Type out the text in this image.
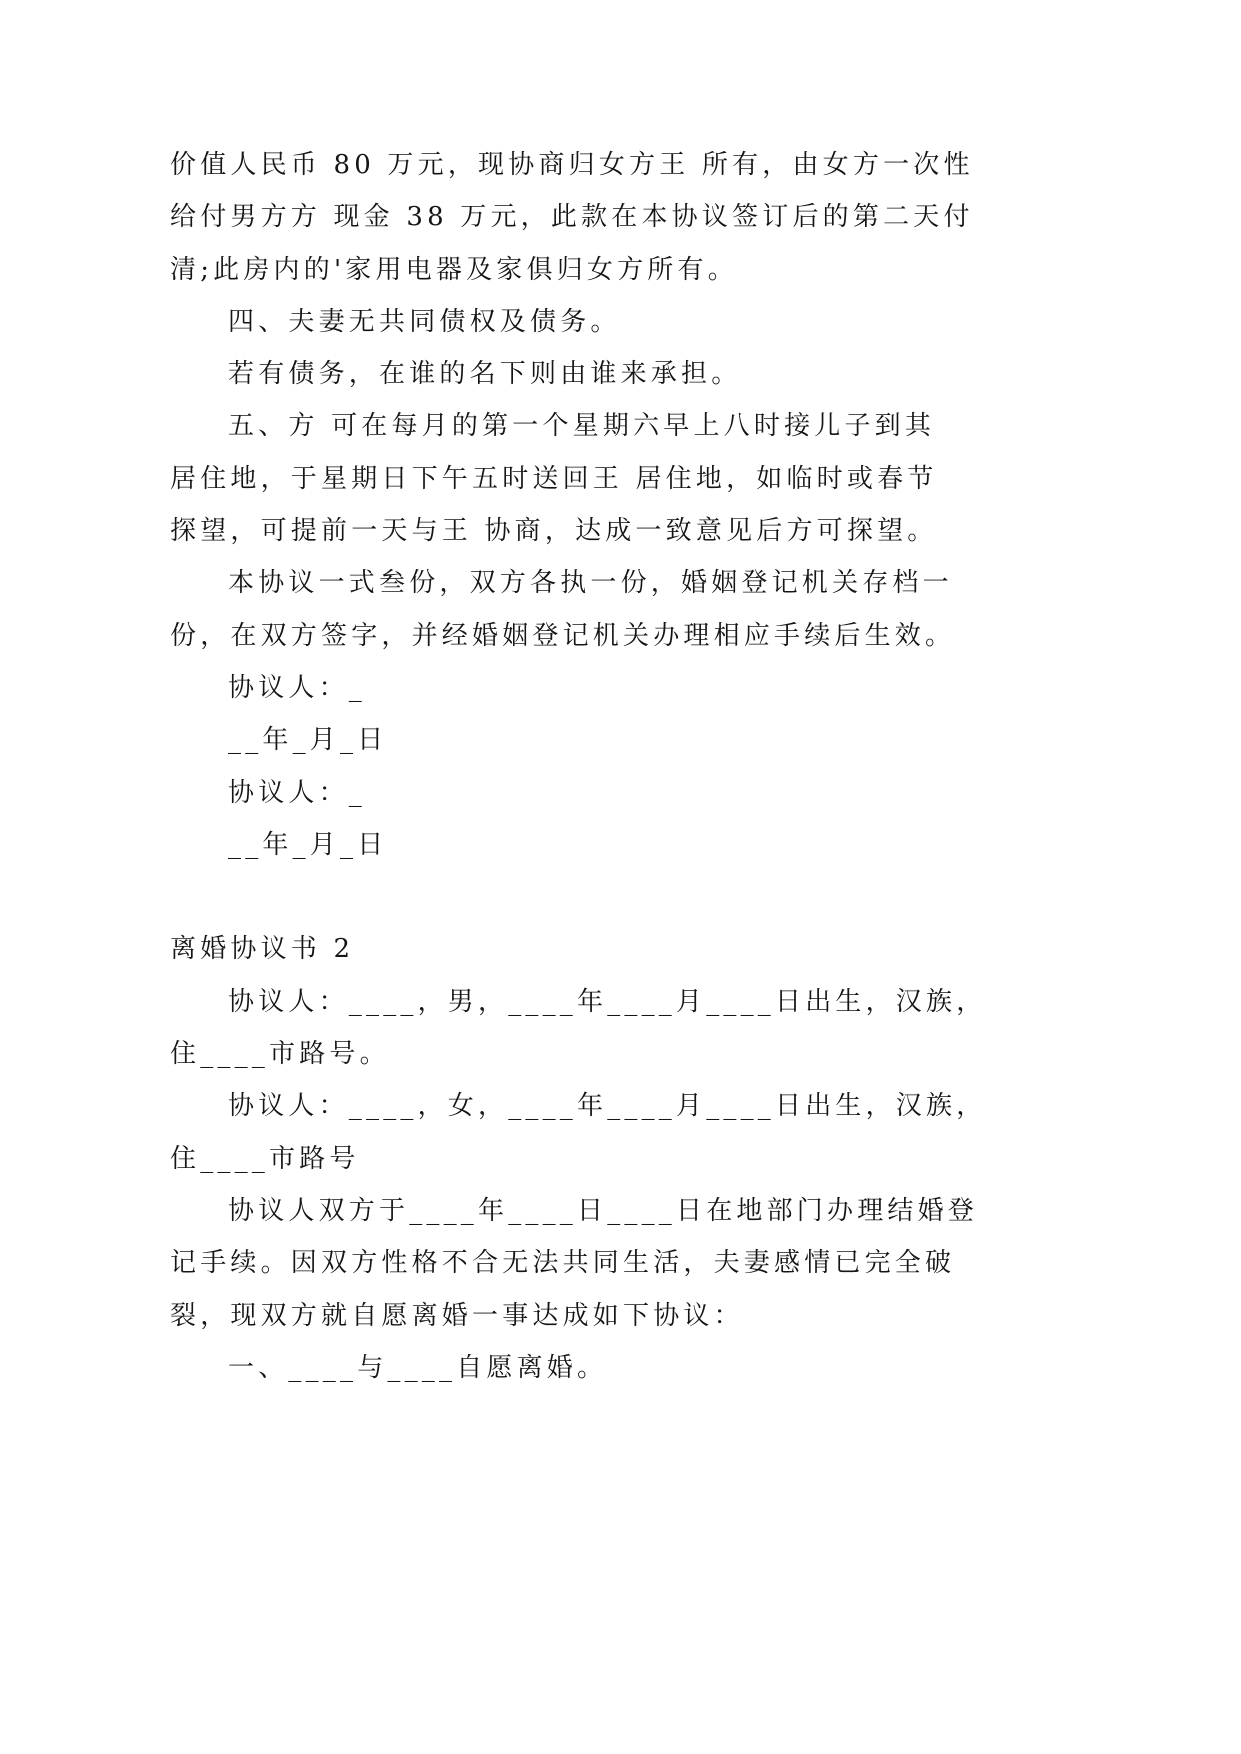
价值人民币 80 万元，现协商归女方王 所有，由女方一次性
给付男方方 现金 38 万元，此款在本协议签订后的第二天付
清;此房内的'家用电器及家俱归女方所有。
四、夫妻无共同债权及债务。
若有债务，在谁的名下则由谁来承担。
五、方 可在每月的第一个星期六早上八时接儿子到其
居住地，于星期日下午五时送回王 居住地，如临时或春节
探望，可提前一天与王 协商，达成一致意见后方可探望。
本协议一式叁份，双方各执一份，婚姻登记机关存档一
份，在双方签字，并经婚姻登记机关办理相应手续后生效。
协议人：_
__年_月_日
协议人：_
__年_月_日
离婚协议书 2
协议人：____，男，____年____月____日出生，汉族，
住____市路号。
协议人：____，女，____年____月____日出生，汉族，
住____市路号
协议人双方于____年____日____日在地部门办理结婚登
记手续。因双方性格不合无法共同生活，夫妻感情已完全破
裂，现双方就自愿离婚一事达成如下协议：
一、____与____自愿离婚。
